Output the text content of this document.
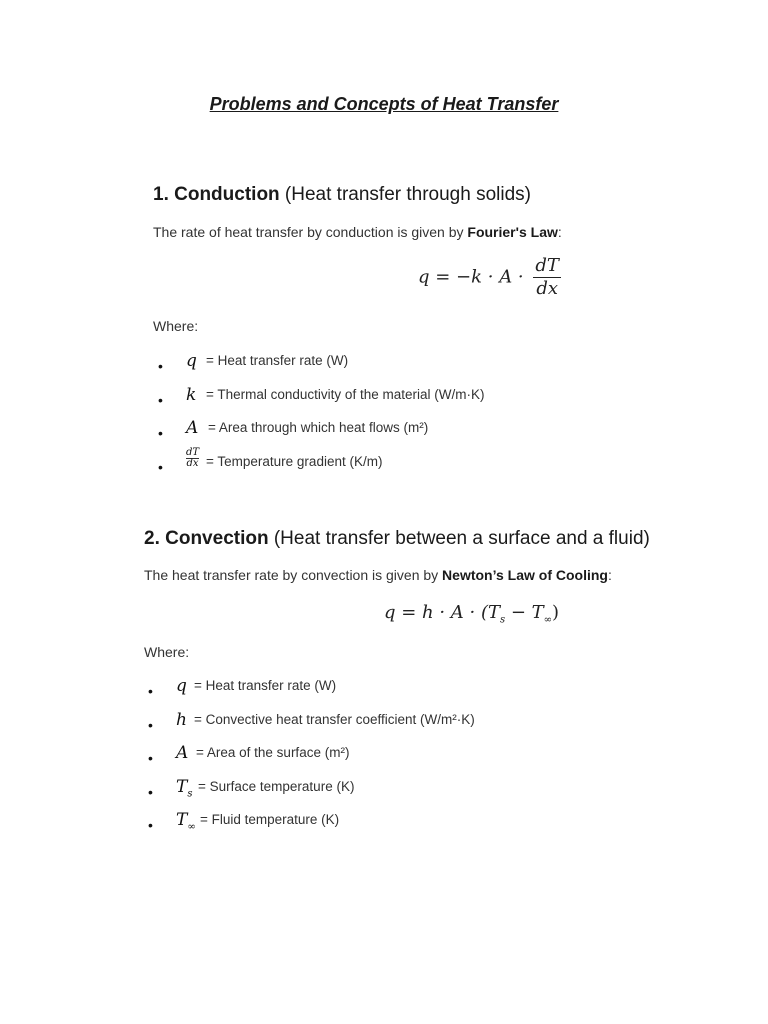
Problems and Concepts of Heat Transfer
1. Conduction (Heat transfer through solids)
The rate of heat transfer by conduction is given by Fourier's Law:
$q = -k \cdot A \cdot \frac{dT}{dx}$
Where:
• q = Heat transfer rate (W)
• k = Thermal conductivity of the material (W/m·K)
• A = Area through which heat flows (m²)
• $\frac{dT}{dx}$ = Temperature gradient (K/m)
2. Convection (Heat transfer between a surface and a fluid)
The heat transfer rate by convection is given by Newton’s Law of Cooling:
$q = h \cdot A \cdot (T_s - T_\infty)$
Where:
• q = Heat transfer rate (W)
• h = Convective heat transfer coefficient (W/m²·K)
• A = Area of the surface (m²)
• $T_s$ = Surface temperature (K)
• $T_\infty$ = Fluid temperature (K)
